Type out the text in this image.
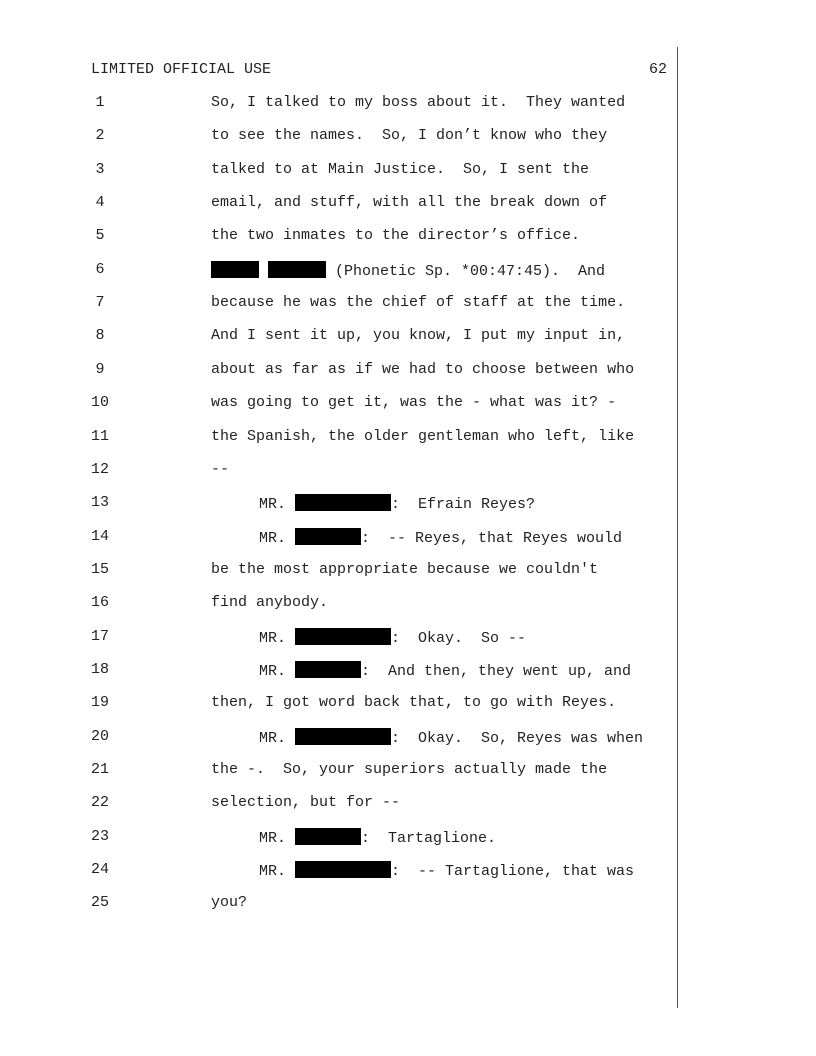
LIMITED OFFICIAL USE	62
1	So, I talked to my boss about it.  They wanted
2	to see the names.  So, I don’t know who they
3	talked to at Main Justice.  So, I sent the
4	email, and stuff, with all the break down of
5	the two inmates to the director’s office.
6	(Phonetic Sp. *00:47:45).  And
7	because he was the chief of staff at the time.
8	And I sent it up, you know, I put my input in,
9	about as far as if we had to choose between who
10	was going to get it, was the - what was it? -
11	the Spanish, the older gentleman who left, like
12	--
13	MR.	:  Efrain Reyes?
14	MR.	:  -- Reyes, that Reyes would
15	be the most appropriate because we couldn't
16	find anybody.
17	MR.	:  Okay.  So --
18	MR.	:  And then, they went up, and
19	then, I got word back that, to go with Reyes.
20	MR.	:  Okay.  So, Reyes was when
21	the -.  So, your superiors actually made the
22	selection, but for --
23	MR.	:  Tartaglione.
24	MR.	:  -- Tartaglione, that was
25	you?
